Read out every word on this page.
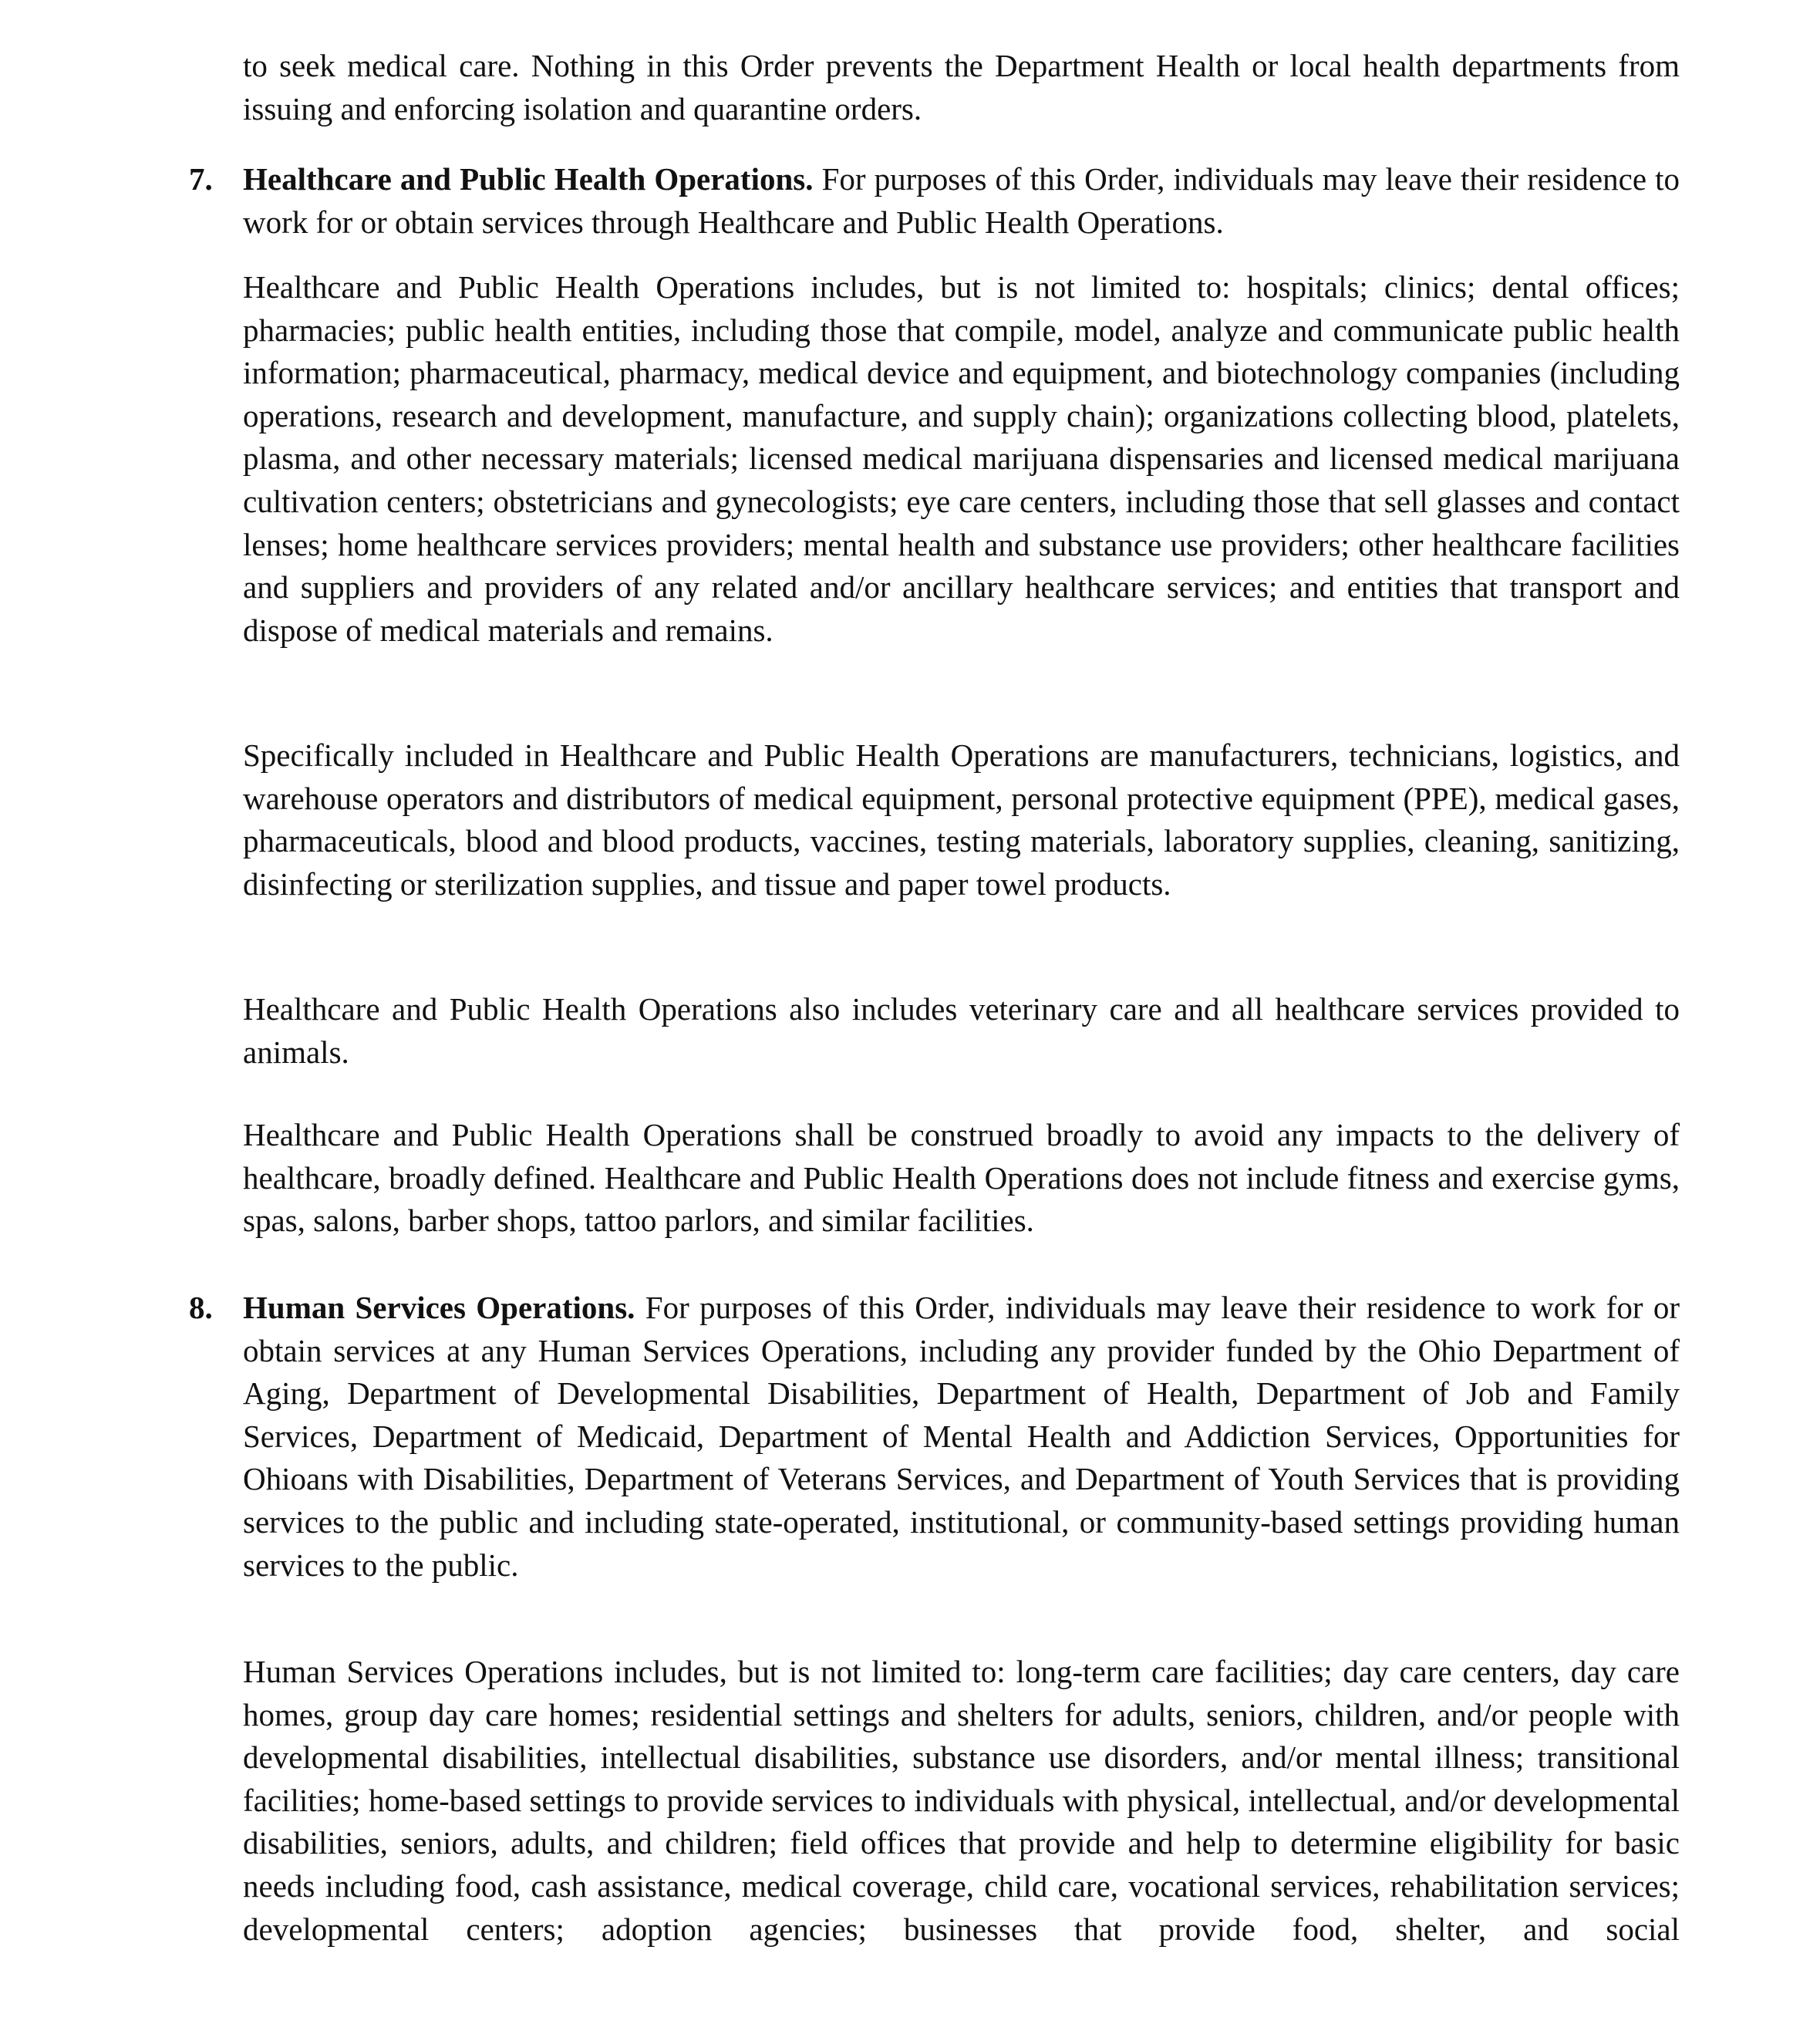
to seek medical care. Nothing in this Order prevents the Department Health or local health departments from issuing and enforcing isolation and quarantine orders.

7. Healthcare and Public Health Operations. For purposes of this Order, individuals may leave their residence to work for or obtain services through Healthcare and Public Health Operations.

Healthcare and Public Health Operations includes, but is not limited to: hospitals; clinics; dental offices; pharmacies; public health entities, including those that compile, model, analyze and communicate public health information; pharmaceutical, pharmacy, medical device and equipment, and biotechnology companies (including operations, research and development, manufacture, and supply chain); organizations collecting blood, platelets, plasma, and other necessary materials; licensed medical marijuana dispensaries and licensed medical marijuana cultivation centers; obstetricians and gynecologists; eye care centers, including those that sell glasses and contact lenses; home healthcare services providers; mental health and substance use providers; other healthcare facilities and suppliers and providers of any related and/or ancillary healthcare services; and entities that transport and dispose of medical materials and remains.

Specifically included in Healthcare and Public Health Operations are manufacturers, technicians, logistics, and warehouse operators and distributors of medical equipment, personal protective equipment (PPE), medical gases, pharmaceuticals, blood and blood products, vaccines, testing materials, laboratory supplies, cleaning, sanitizing, disinfecting or sterilization supplies, and tissue and paper towel products.

Healthcare and Public Health Operations also includes veterinary care and all healthcare services provided to animals.

Healthcare and Public Health Operations shall be construed broadly to avoid any impacts to the delivery of healthcare, broadly defined. Healthcare and Public Health Operations does not include fitness and exercise gyms, spas, salons, barber shops, tattoo parlors, and similar facilities.

8. Human Services Operations. For purposes of this Order, individuals may leave their residence to work for or obtain services at any Human Services Operations, including any provider funded by the Ohio Department of Aging, Department of Developmental Disabilities, Department of Health, Department of Job and Family Services, Department of Medicaid, Department of Mental Health and Addiction Services, Opportunities for Ohioans with Disabilities, Department of Veterans Services, and Department of Youth Services that is providing services to the public and including state-operated, institutional, or community-based settings providing human services to the public.

Human Services Operations includes, but is not limited to: long-term care facilities; day care centers, day care homes, group day care homes; residential settings and shelters for adults, seniors, children, and/or people with developmental disabilities, intellectual disabilities, substance use disorders, and/or mental illness; transitional facilities; home-based settings to provide services to individuals with physical, intellectual, and/or developmental disabilities, seniors, adults, and children; field offices that provide and help to determine eligibility for basic needs including food, cash assistance, medical coverage, child care, vocational services, rehabilitation services; developmental centers; adoption agencies; businesses that provide food, shelter, and social
